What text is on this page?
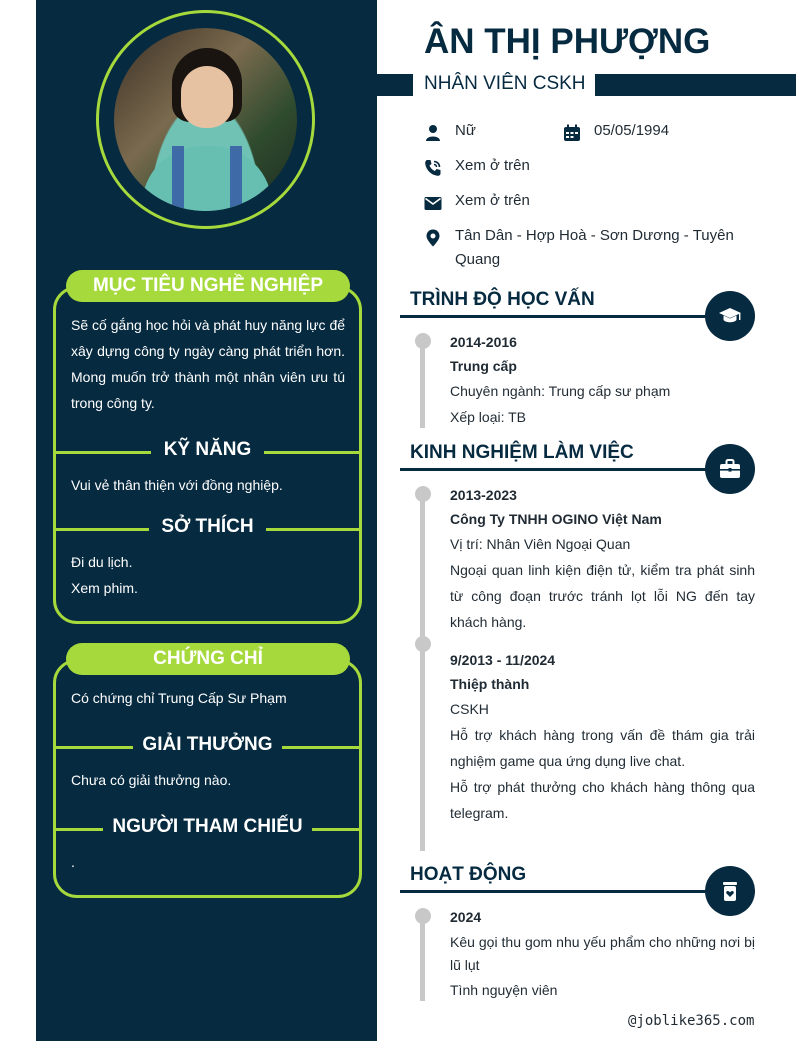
MỤC TIÊU NGHỀ NGHIỆP
Sẽ cố gắng học hỏi và phát huy năng lực để xây dựng công ty ngày càng phát triển hơn. Mong muốn trở thành một nhân viên ưu tú trong công ty.
KỸ NĂNG
Vui vẻ thân thiện với đồng nghiệp.
SỞ THÍCH
Đi du lịch.
Xem phim.
CHỨNG CHỈ
Có chứng chỉ Trung Cấp Sư Phạm
GIẢI THƯỞNG
Chưa có giải thưởng nào.
NGƯỜI THAM CHIẾU
.
ÂN THỊ PHƯỢNG
NHÂN VIÊN CSKH
Nữ	05/05/1994
Xem ở trên
Xem ở trên
Tân Dân - Hợp Hoà - Sơn Dương - Tuyên Quang
TRÌNH ĐỘ HỌC VẤN
2014-2016
Trung cấp
Chuyên ngành: Trung cấp sư phạm
Xếp loại: TB
KINH NGHIỆM LÀM VIỆC
2013-2023
Công Ty TNHH OGINO Việt Nam
Vị trí: Nhân Viên Ngoại Quan
Ngoại quan linh kiện điện tử, kiểm tra phát sinh từ công đoạn trước tránh lọt lỗi NG đến tay khách hàng.
9/2013 - 11/2024
Thiệp thành
CSKH
Hỗ trợ khách hàng trong vấn đề thám gia trải nghiệm game qua ứng dụng live chat.
Hỗ trợ phát thưởng cho khách hàng thông qua telegram.
HOẠT ĐỘNG
2024
Kêu gọi thu gom nhu yếu phẩm cho những nơi bị lũ lụt
Tình nguyện viên
@joblike365.com
